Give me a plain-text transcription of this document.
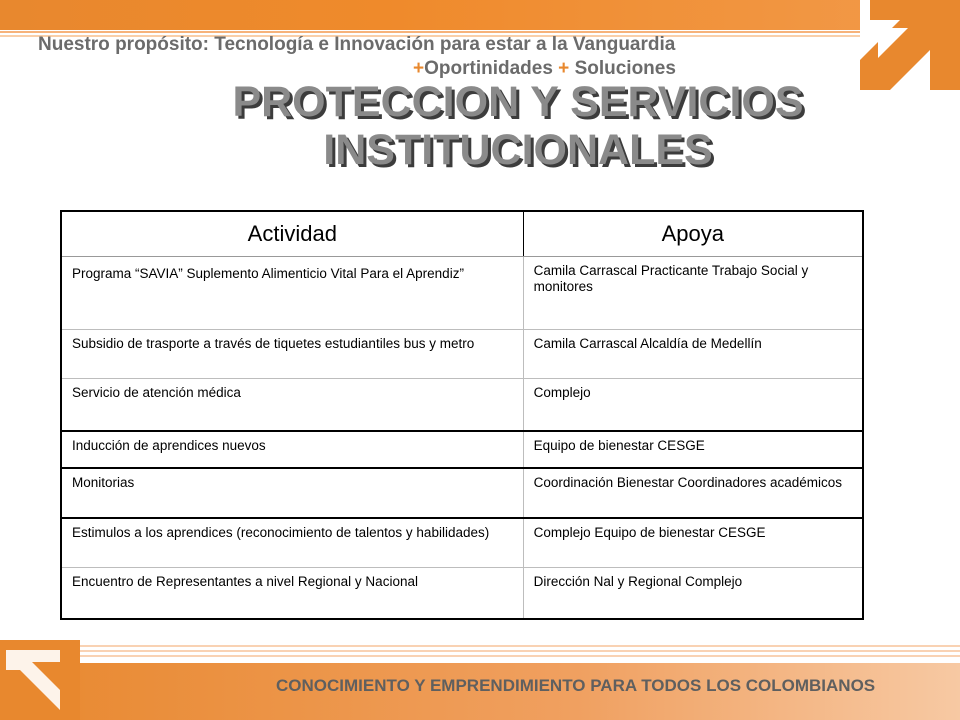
Nuestro propósito: Tecnología e Innovación para estar a la Vanguardia
+Oportinidades + Soluciones
PROTECCION Y SERVICIOS
INSTITUCIONALES
Actividad	Apoya
Programa “SAVIA” Suplemento Alimenticio Vital Para el Aprendiz”	Camila Carrascal Practicante Trabajo Social y monitores
Subsidio de trasporte a través de tiquetes estudiantiles bus y metro	Camila Carrascal Alcaldía de Medellín
Servicio de atención médica	Complejo
Inducción de aprendices nuevos	Equipo de bienestar CESGE
Monitorias	Coordinación Bienestar Coordinadores académicos
Estimulos a los aprendices (reconocimiento de talentos y habilidades)	Complejo Equipo de bienestar CESGE
Encuentro de Representantes a nivel Regional y Nacional	Dirección Nal y Regional Complejo
CONOCIMIENTO Y EMPRENDIMIENTO PARA TODOS LOS COLOMBIANOS
